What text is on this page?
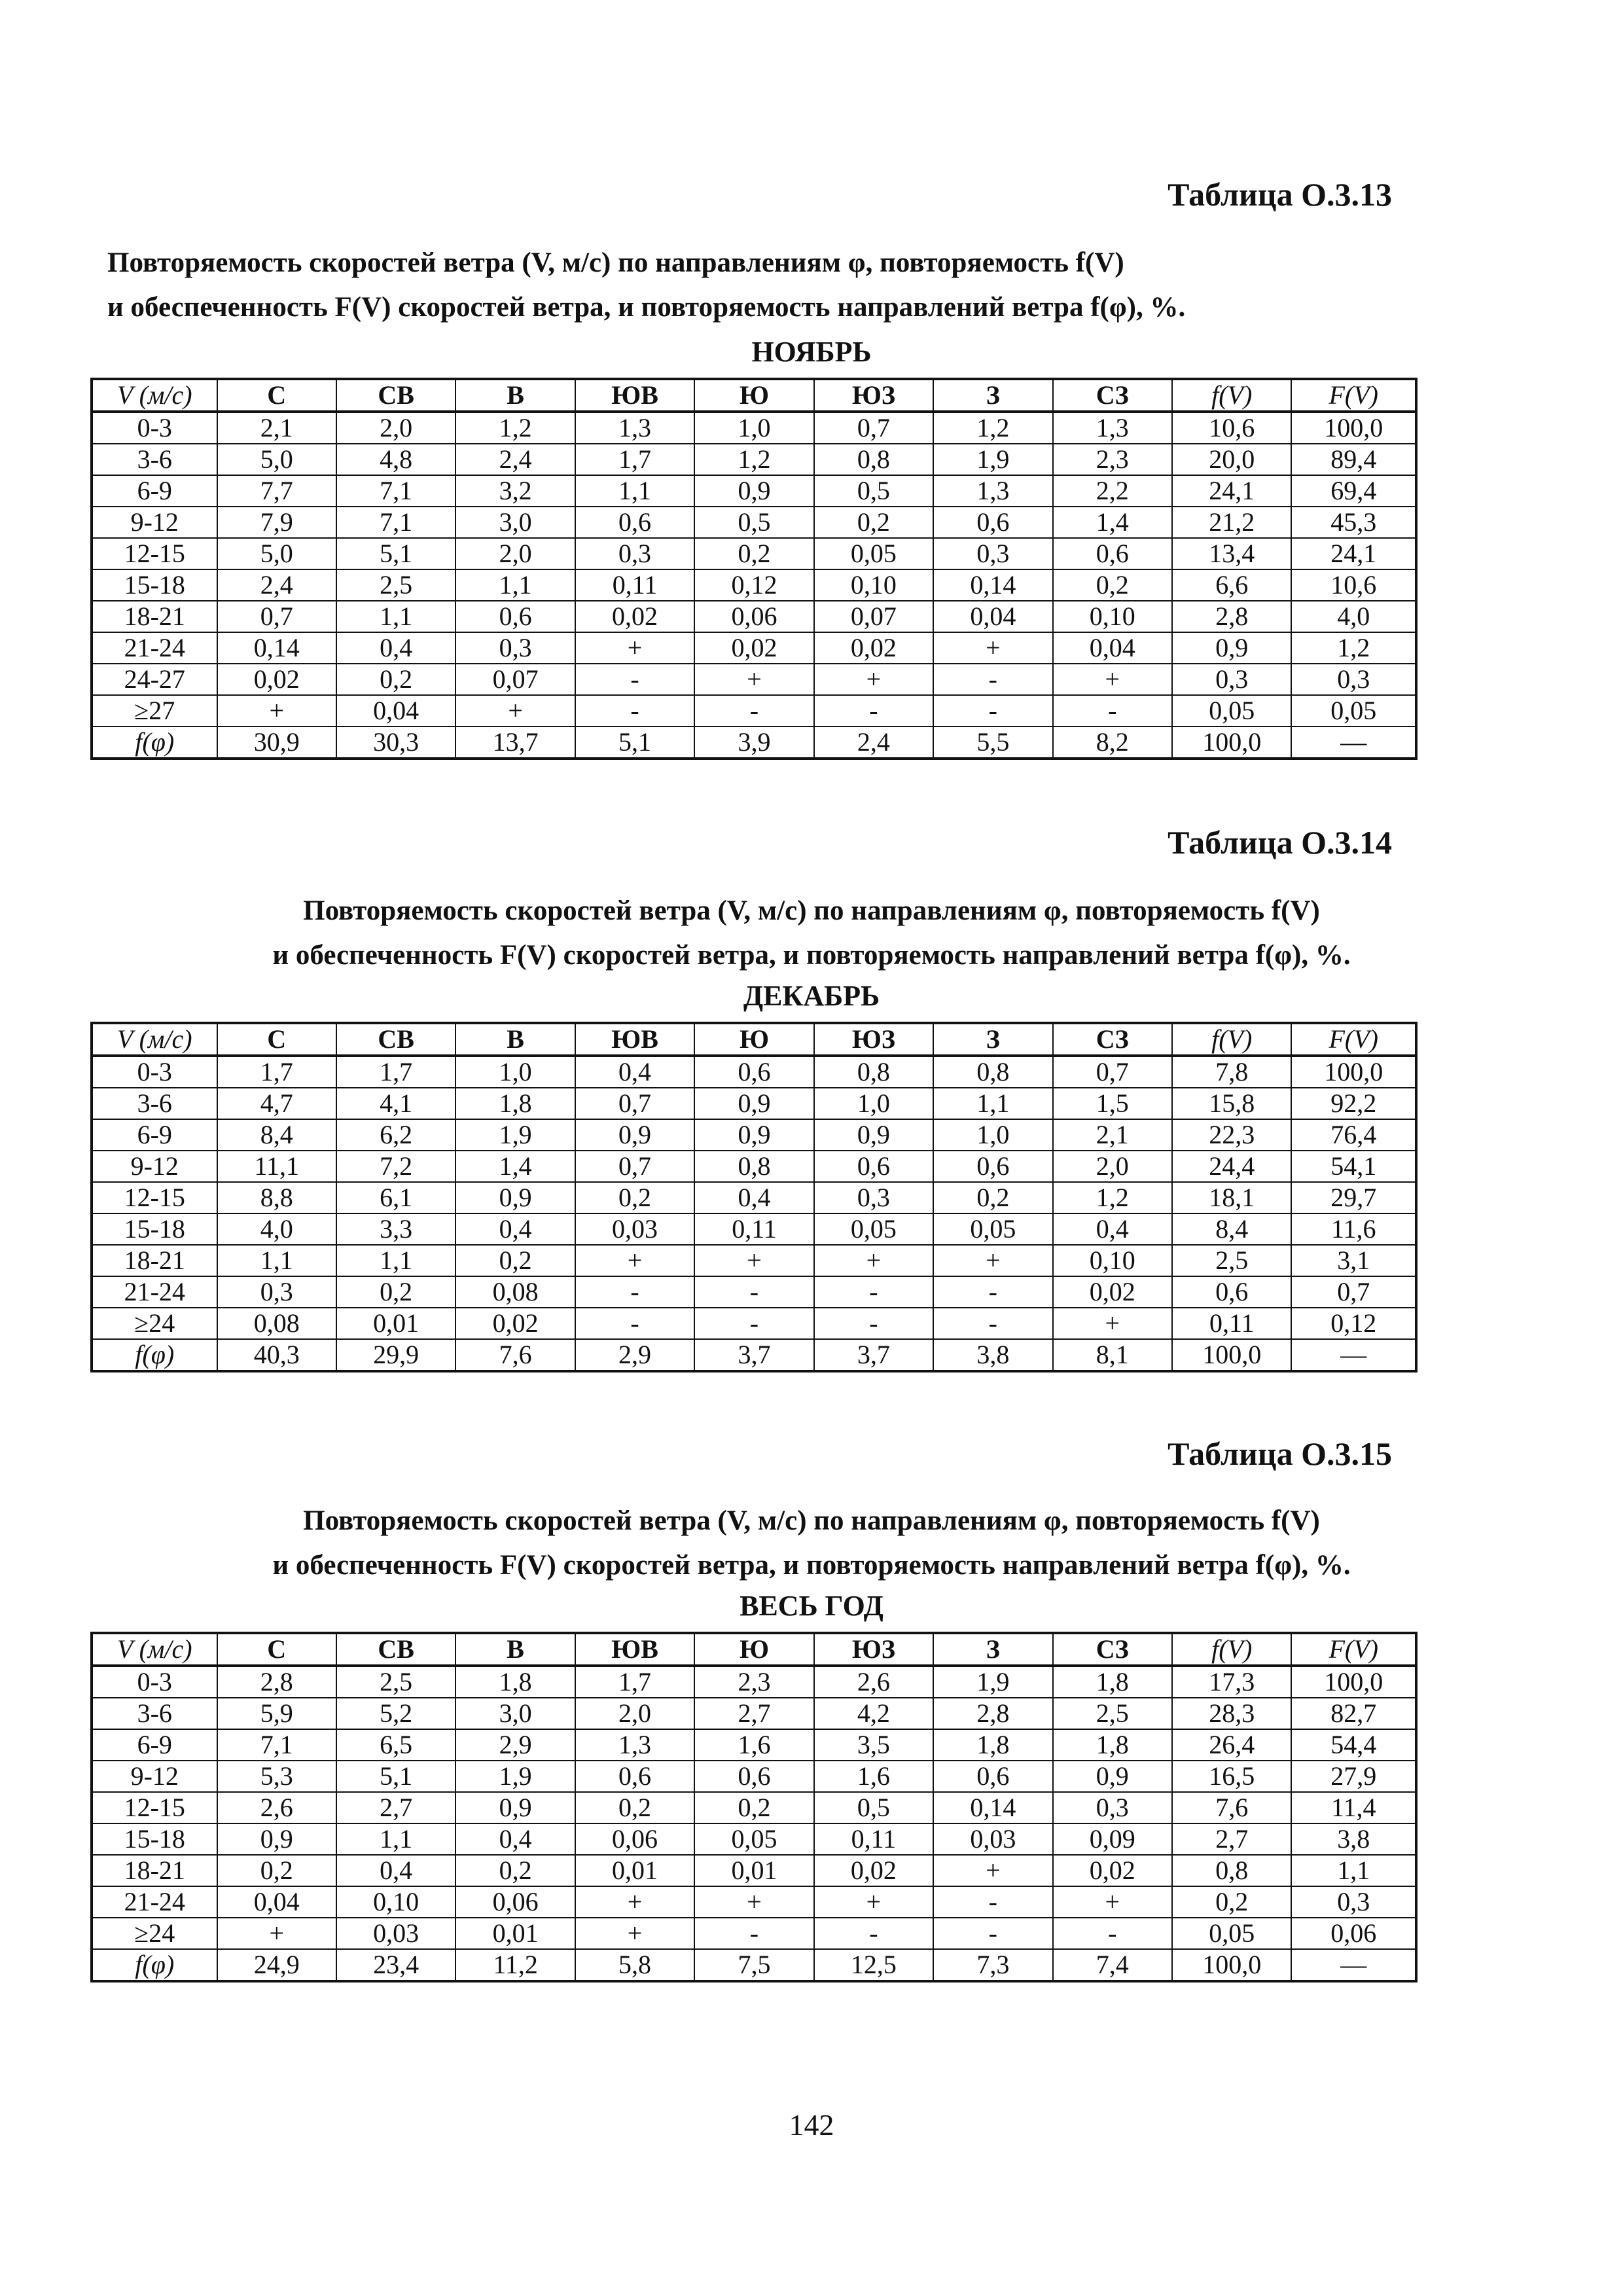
Таблица О.3.13
Повторяемость скоростей ветра (V, м/с) по направлениям φ, повторяемость f(V)
и обеспеченность F(V) скоростей ветра, и повторяемость направлений ветра f(φ), %.
НОЯБРЬ
V (м/с)	С	СВ	В	ЮВ	Ю	ЮЗ	З	СЗ	f(V)	F(V)
0-3	2,1	2,0	1,2	1,3	1,0	0,7	1,2	1,3	10,6	100,0
3-6	5,0	4,8	2,4	1,7	1,2	0,8	1,9	2,3	20,0	89,4
6-9	7,7	7,1	3,2	1,1	0,9	0,5	1,3	2,2	24,1	69,4
9-12	7,9	7,1	3,0	0,6	0,5	0,2	0,6	1,4	21,2	45,3
12-15	5,0	5,1	2,0	0,3	0,2	0,05	0,3	0,6	13,4	24,1
15-18	2,4	2,5	1,1	0,11	0,12	0,10	0,14	0,2	6,6	10,6
18-21	0,7	1,1	0,6	0,02	0,06	0,07	0,04	0,10	2,8	4,0
21-24	0,14	0,4	0,3	+	0,02	0,02	+	0,04	0,9	1,2
24-27	0,02	0,2	0,07	-	+	+	-	+	0,3	0,3
≥27	+	0,04	+	-	-	-	-	-	0,05	0,05
f(φ)	30,9	30,3	13,7	5,1	3,9	2,4	5,5	8,2	100,0	—
Таблица О.3.14
Повторяемость скоростей ветра (V, м/с) по направлениям φ, повторяемость f(V)
и обеспеченность F(V) скоростей ветра, и повторяемость направлений ветра f(φ), %.
ДЕКАБРЬ
V (м/с)	С	СВ	В	ЮВ	Ю	ЮЗ	З	СЗ	f(V)	F(V)
0-3	1,7	1,7	1,0	0,4	0,6	0,8	0,8	0,7	7,8	100,0
3-6	4,7	4,1	1,8	0,7	0,9	1,0	1,1	1,5	15,8	92,2
6-9	8,4	6,2	1,9	0,9	0,9	0,9	1,0	2,1	22,3	76,4
9-12	11,1	7,2	1,4	0,7	0,8	0,6	0,6	2,0	24,4	54,1
12-15	8,8	6,1	0,9	0,2	0,4	0,3	0,2	1,2	18,1	29,7
15-18	4,0	3,3	0,4	0,03	0,11	0,05	0,05	0,4	8,4	11,6
18-21	1,1	1,1	0,2	+	+	+	+	0,10	2,5	3,1
21-24	0,3	0,2	0,08	-	-	-	-	0,02	0,6	0,7
≥24	0,08	0,01	0,02	-	-	-	-	+	0,11	0,12
f(φ)	40,3	29,9	7,6	2,9	3,7	3,7	3,8	8,1	100,0	—
Таблица О.3.15
Повторяемость скоростей ветра (V, м/с) по направлениям φ, повторяемость f(V)
и обеспеченность F(V) скоростей ветра, и повторяемость направлений ветра f(φ), %.
ВЕСЬ ГОД
V (м/с)	С	СВ	В	ЮВ	Ю	ЮЗ	З	СЗ	f(V)	F(V)
0-3	2,8	2,5	1,8	1,7	2,3	2,6	1,9	1,8	17,3	100,0
3-6	5,9	5,2	3,0	2,0	2,7	4,2	2,8	2,5	28,3	82,7
6-9	7,1	6,5	2,9	1,3	1,6	3,5	1,8	1,8	26,4	54,4
9-12	5,3	5,1	1,9	0,6	0,6	1,6	0,6	0,9	16,5	27,9
12-15	2,6	2,7	0,9	0,2	0,2	0,5	0,14	0,3	7,6	11,4
15-18	0,9	1,1	0,4	0,06	0,05	0,11	0,03	0,09	2,7	3,8
18-21	0,2	0,4	0,2	0,01	0,01	0,02	+	0,02	0,8	1,1
21-24	0,04	0,10	0,06	+	+	+	-	+	0,2	0,3
≥24	+	0,03	0,01	+	-	-	-	-	0,05	0,06
f(φ)	24,9	23,4	11,2	5,8	7,5	12,5	7,3	7,4	100,0	—
142
